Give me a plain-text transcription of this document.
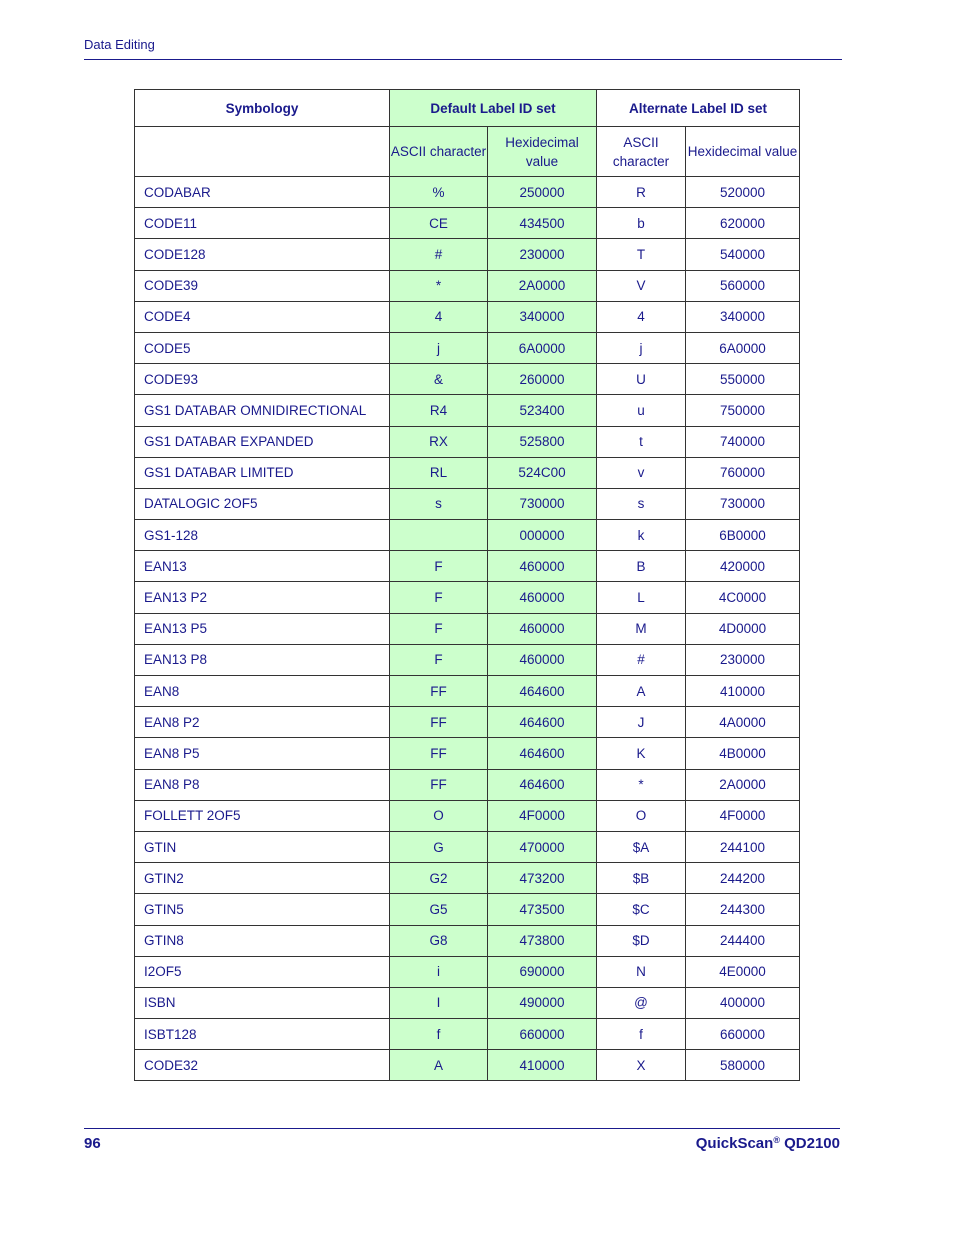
Data Editing
Symbology	Default Label ID set		Alternate Label ID set	
	ASCII character	Hexidecimal value	ASCII character	Hexidecimal value
CODABAR	%	250000	R	520000
CODE11	CE	434500	b	620000
CODE128	#	230000	T	540000
CODE39	*	2A0000	V	560000
CODE4	4	340000	4	340000
CODE5	j	6A0000	j	6A0000
CODE93	&	260000	U	550000
GS1 DATABAR OMNIDIRECTIONAL	R4	523400	u	750000
GS1 DATABAR EXPANDED	RX	525800	t	740000
GS1 DATABAR LIMITED	RL	524C00	v	760000
DATALOGIC 2OF5	s	730000	s	730000
GS1-128		000000	k	6B0000
EAN13	F	460000	B	420000
EAN13 P2	F	460000	L	4C0000
EAN13 P5	F	460000	M	4D0000
EAN13 P8	F	460000	#	230000
EAN8	FF	464600	A	410000
EAN8 P2	FF	464600	J	4A0000
EAN8 P5	FF	464600	K	4B0000
EAN8 P8	FF	464600	*	2A0000
FOLLETT 2OF5	O	4F0000	O	4F0000
GTIN	G	470000	$A	244100
GTIN2	G2	473200	$B	244200
GTIN5	G5	473500	$C	244300
GTIN8	G8	473800	$D	244400
I2OF5	i	690000	N	4E0000
ISBN	I	490000	@	400000
ISBT128	f	660000	f	660000
CODE32	A	410000	X	580000
96	QuickScan® QD2100
